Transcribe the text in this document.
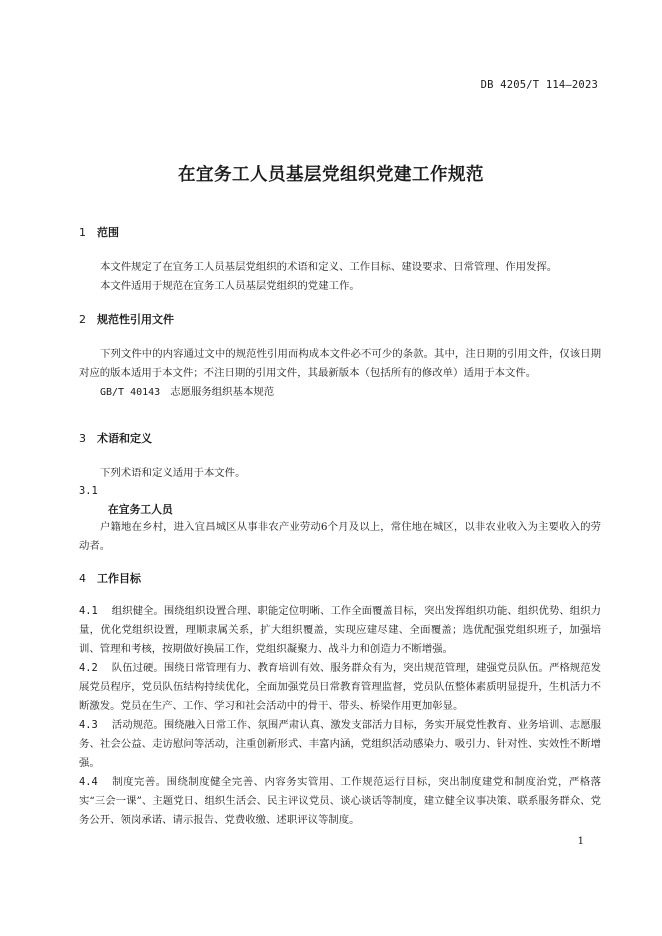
DB 4205/T 114—2023

在宜务工人员基层党组织党建工作规范

1 范围

本文件规定了在宜务工人员基层党组织的术语和定义、工作目标、建设要求、日常管理、作用发挥。

本文件适用于规范在宜务工人员基层党组织的党建工作。

2 规范性引用文件

下列文件中的内容通过文中的规范性引用而构成本文件必不可少的条款。其中，注日期的引用文件，仅该日期对应的版本适用于本文件；不注日期的引用文件，其最新版本（包括所有的修改单）适用于本文件。

GB/T 40143 志愿服务组织基本规范

3 术语和定义

下列术语和定义适用于本文件。

3.1

在宜务工人员

户籍地在乡村，进入宜昌城区从事非农产业劳动6个月及以上，常住地在城区，以非农业收入为主要收入的劳动者。

4 工作目标

4.1 组织健全。围绕组织设置合理、职能定位明晰、工作全面覆盖目标，突出发挥组织功能、组织优势、组织力量，优化党组织设置，理顺隶属关系，扩大组织覆盖，实现应建尽建、全面覆盖；选优配强党组织班子，加强培训、管理和考核，按期做好换届工作，党组织凝聚力、战斗力和创造力不断增强。

4.2 队伍过硬。围绕日常管理有力、教育培训有效、服务群众有为，突出规范管理，建强党员队伍。严格规范发展党员程序，党员队伍结构持续优化，全面加强党员日常教育管理监督，党员队伍整体素质明显提升，生机活力不断激发。党员在生产、工作、学习和社会活动中的骨干、带头、桥梁作用更加彰显。

4.3 活动规范。围绕融入日常工作、氛围严肃认真、激发支部活力目标，务实开展党性教育、业务培训、志愿服务、社会公益、走访慰问等活动，注重创新形式、丰富内涵，党组织活动感染力、吸引力、针对性、实效性不断增强。

4.4 制度完善。围绕制度健全完善、内容务实管用、工作规范运行目标，突出制度建党和制度治党，严格落实“三会一课”、主题党日、组织生活会、民主评议党员、谈心谈话等制度，建立健全议事决策、联系服务群众、党务公开、领岗承诺、请示报告、党费收缴、述职评议等制度。

1
